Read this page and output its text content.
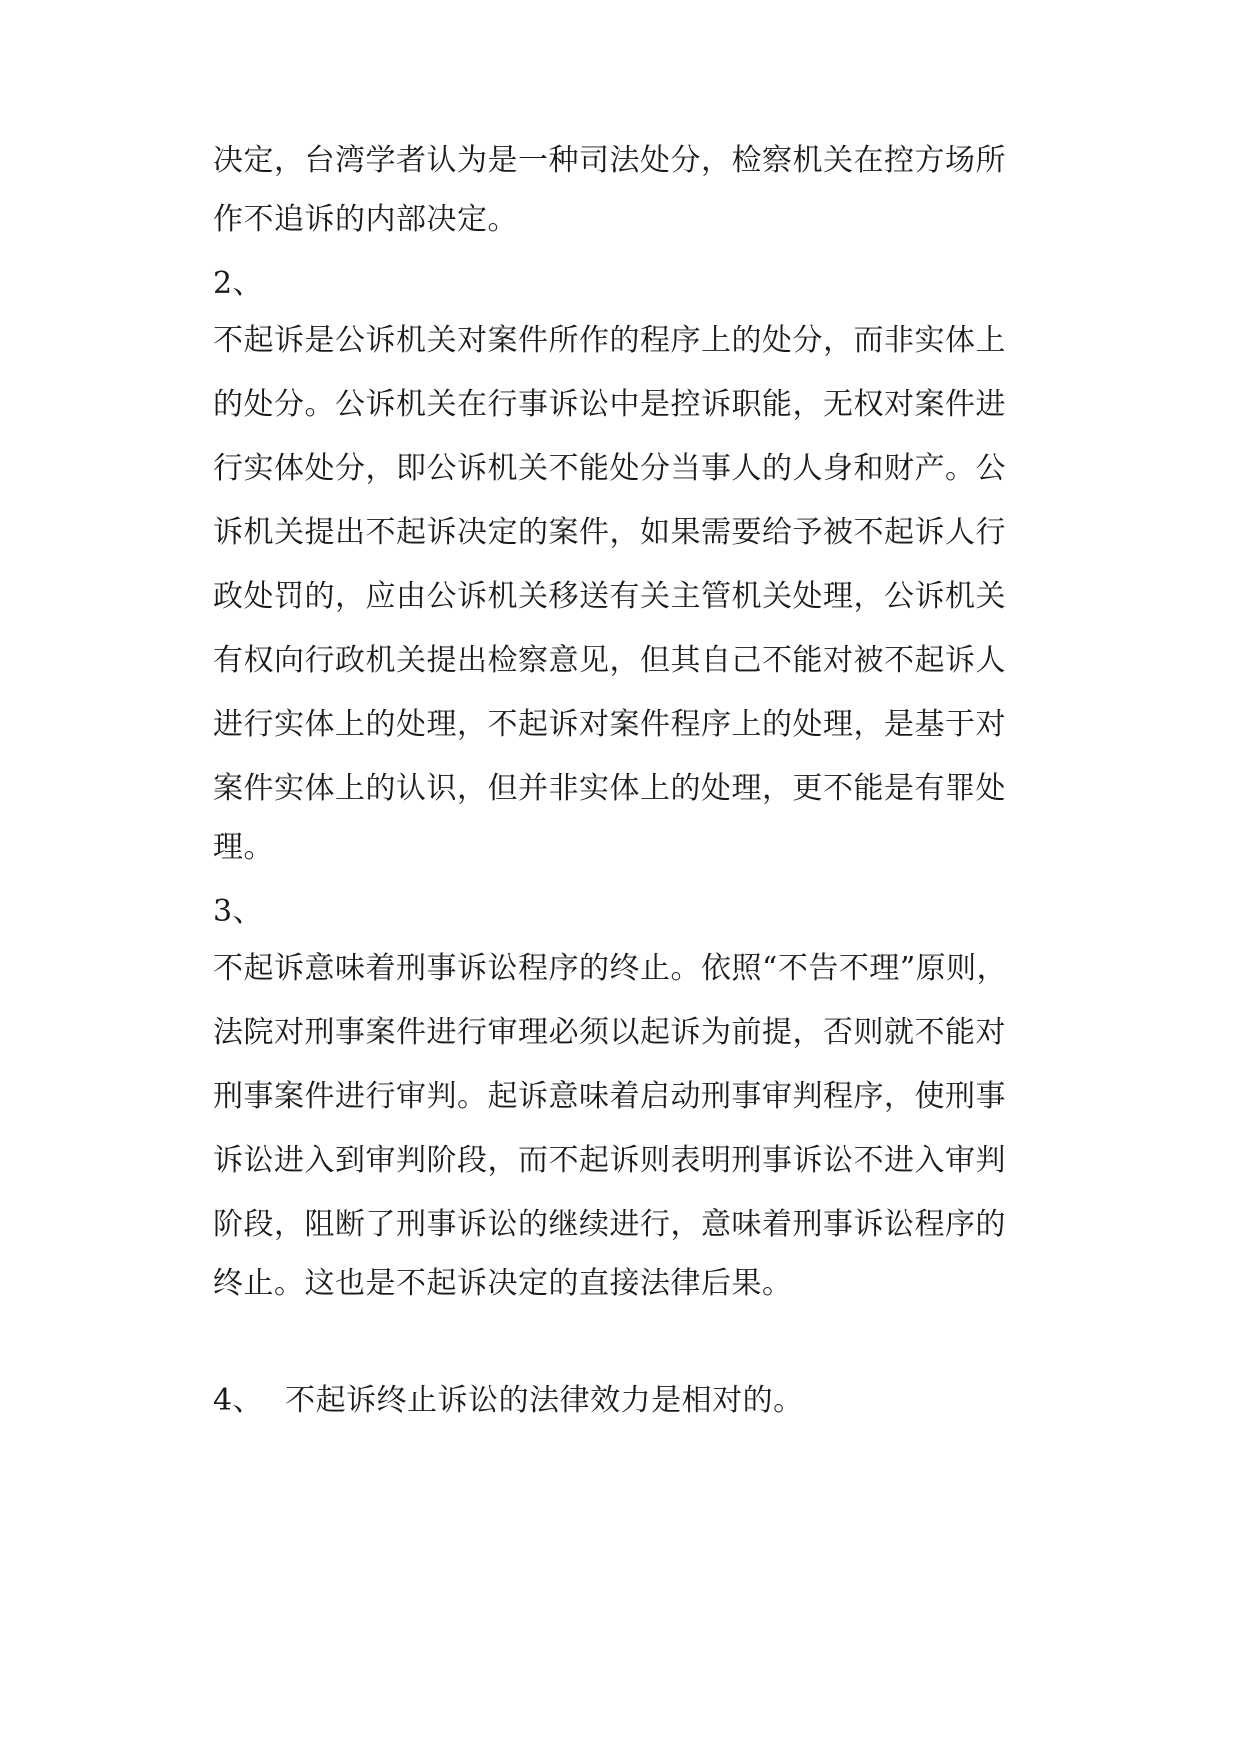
决定，台湾学者认为是一种司法处分，检察机关在控方场所
作不追诉的内部决定。
2、
不起诉是公诉机关对案件所作的程序上的处分，而非实体上
的处分。公诉机关在行事诉讼中是控诉职能，无权对案件进
行实体处分，即公诉机关不能处分当事人的人身和财产。公
诉机关提出不起诉决定的案件，如果需要给予被不起诉人行
政处罚的，应由公诉机关移送有关主管机关处理，公诉机关
有权向行政机关提出检察意见，但其自己不能对被不起诉人
进行实体上的处理，不起诉对案件程序上的处理，是基于对
案件实体上的认识，但并非实体上的处理，更不能是有罪处
理。
3、
不起诉意味着刑事诉讼程序的终止。依照“不告不理”原则，
法院对刑事案件进行审理必须以起诉为前提，否则就不能对
刑事案件进行审判。起诉意味着启动刑事审判程序，使刑事
诉讼进入到审判阶段，而不起诉则表明刑事诉讼不进入审判
阶段，阻断了刑事诉讼的继续进行，意味着刑事诉讼程序的
终止。这也是不起诉决定的直接法律后果。
4、 不起诉终止诉讼的法律效力是相对的。
